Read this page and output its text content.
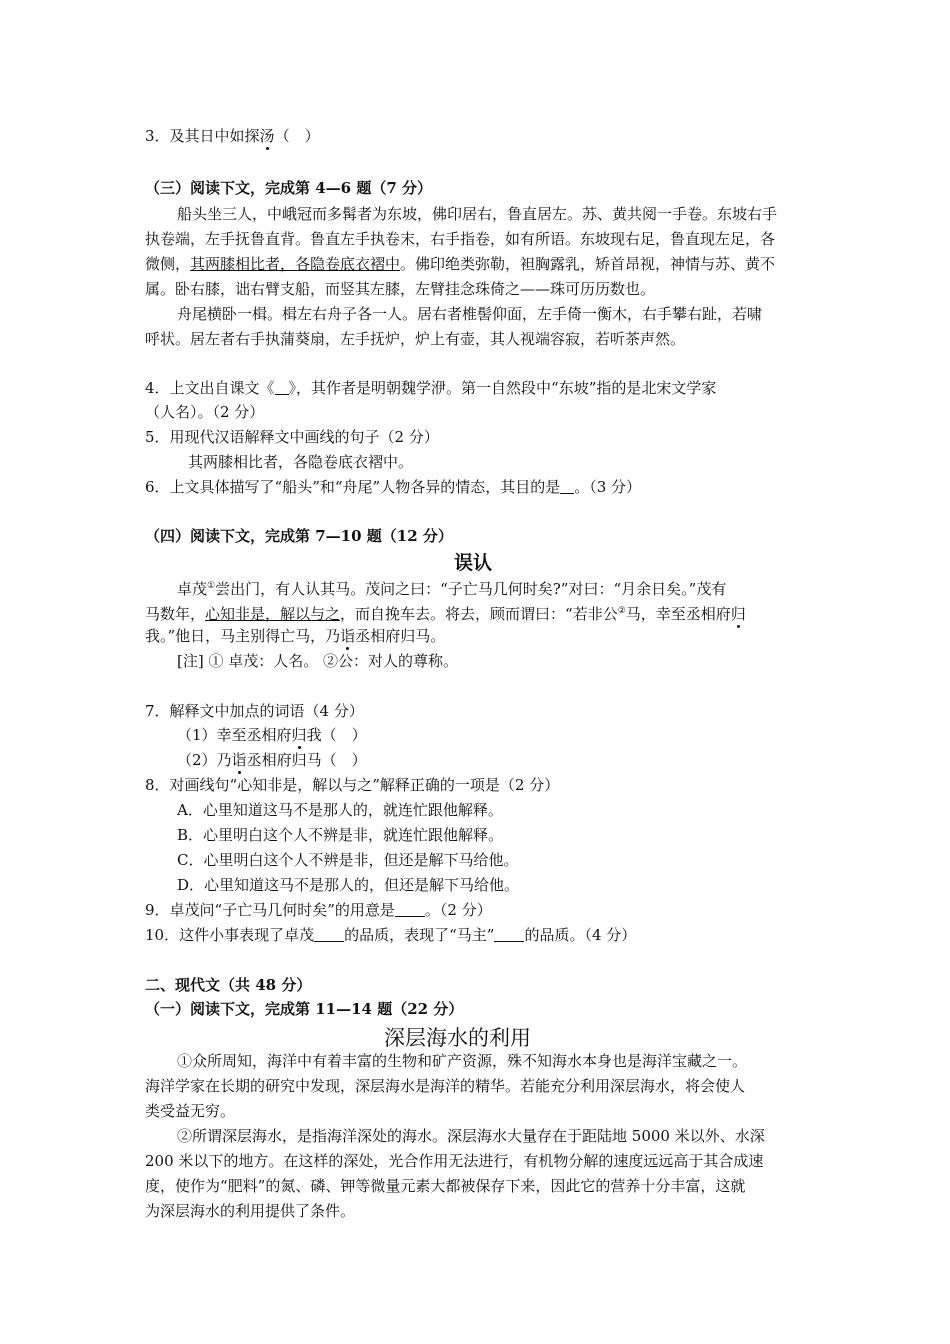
3．及其日中如探汤（　）
（三）阅读下文，完成第 4—6 题（7 分）
船头坐三人，中峨冠而多髯者为东坡，佛印居右，鲁直居左。苏、黄共阅一手卷。东坡右手
执卷端，左手抚鲁直背。鲁直左手执卷末，右手指卷，如有所语。东坡现右足，鲁直现左足，各
微侧，其两膝相比者，各隐卷底衣褶中。佛印绝类弥勒，袒胸露乳，矫首昂视，神情与苏、黄不
属。卧右膝，诎右臂支船，而竖其左膝，左臂挂念珠倚之——珠可历历数也。
舟尾横卧一楫。楫左右舟子各一人。居右者椎髻仰面，左手倚一衡木，右手攀右趾，若啸
呼状。居左者右手执蒲葵扇，左手抚炉，炉上有壶，其人视端容寂，若听茶声然。
4．上文出自课文《 》，其作者是明朝魏学洢。第一自然段中“东坡”指的是北宋文学家
（人名）。（2 分）
5．用现代汉语解释文中画线的句子（2 分）
其两膝相比者，各隐卷底衣褶中。
6．上文具体描写了“船头”和“舟尾”人物各异的情态，其目的是 。（3 分）
（四）阅读下文，完成第 7—10 题（12 分）
误认
卓茂①尝出门，有人认其马。茂问之曰：“子亡马几何时矣?”对曰：“月余日矣。”茂有
马数年，心知非是，解以与之，而自挽车去。将去，顾而谓曰：“若非公②马，幸至丞相府归
我。”他日，马主别得亡马，乃诣丞相府归马。
[注] ① 卓茂：人名。 ②公：对人的尊称。
7．解释文中加点的词语（4 分）
（1）幸至丞相府归我（　）
（2）乃诣丞相府归马（　）
8．对画线句“心知非是，解以与之”解释正确的一项是（2 分）
A．心里知道这马不是那人的，就连忙跟他解释。
B．心里明白这个人不辨是非，就连忙跟他解释。
C．心里明白这个人不辨是非，但还是解下马给他。
D．心里知道这马不是那人的，但还是解下马给他。
9．卓茂问“子亡马几何时矣”的用意是 。（2 分）
10．这件小事表现了卓茂 的品质，表现了“马主” 的品质。（4 分）
二、现代文（共 48 分）
（一）阅读下文，完成第 11—14 题（22 分）
深层海水的利用
①众所周知，海洋中有着丰富的生物和矿产资源，殊不知海水本身也是海洋宝藏之一。
海洋学家在长期的研究中发现，深层海水是海洋的精华。若能充分利用深层海水，将会使人
类受益无穷。
②所谓深层海水，是指海洋深处的海水。深层海水大量存在于距陆地 5000 米以外、水深
200 米以下的地方。在这样的深处，光合作用无法进行，有机物分解的速度远远高于其合成速
度，使作为“肥料”的氮、磷、钾等微量元素大都被保存下来，因此它的营养十分丰富，这就
为深层海水的利用提供了条件。
